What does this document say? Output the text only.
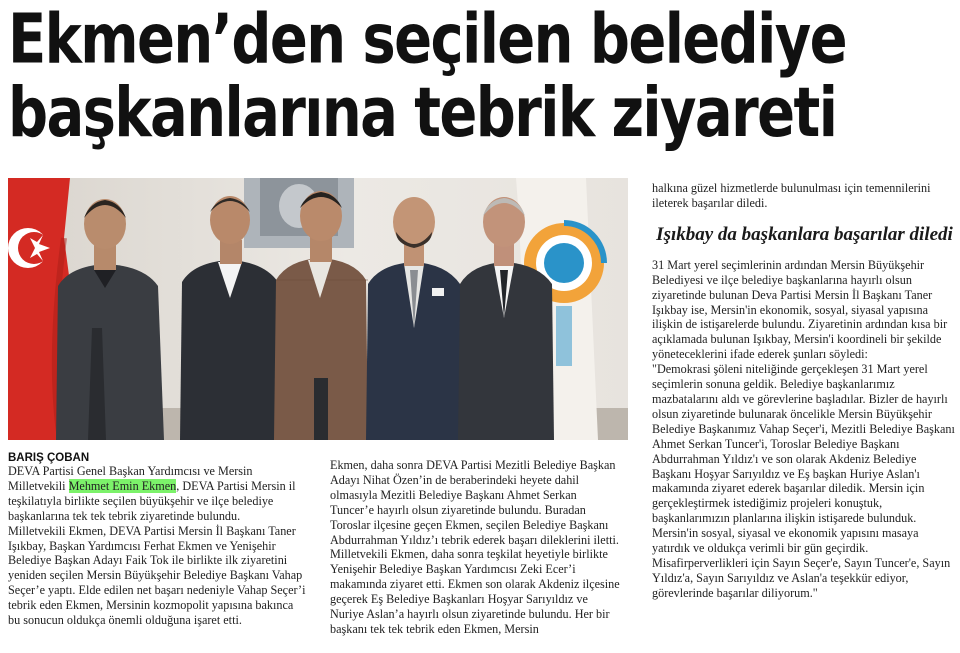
Ekmen’den seçilen belediye
başkanlarına tebrik ziyareti
BARIŞ ÇOBAN

DEVA Partisi Genel Başkan Yardımcısı ve Mersin Milletvekili Mehmet Emin Ekmen, DEVA Partisi Mersin il teşkilatıyla birlikte seçilen büyükşehir ve ilçe belediye başkanlarına tek tek tebrik ziyaretinde bulundu.

Milletvekili Ekmen, DEVA Partisi Mersin İl Başkanı Taner Işıkbay, Başkan Yardımcısı Ferhat Ekmen ve Yenişehir Belediye Başkan Adayı Faik Tok ile birlikte ilk ziyaretini yeniden seçilen Mersin Büyükşehir Belediye Başkanı Vahap Seçer’e yaptı. Elde edilen net başarı nedeniyle Vahap Seçer’i tebrik eden Ekmen, Mersinin kozmopolit yapısına bakınca bu sonucun oldukça önemli olduğuna işaret etti.

Ekmen, daha sonra DEVA Partisi Mezitli Belediye Başkan Adayı Nihat Özen’in de beraberindeki heyete dahil olmasıyla Mezitli Belediye Başkanı Ahmet Serkan Tuncer’e hayırlı olsun ziyaretinde bulundu. Buradan Toroslar ilçesine geçen Ekmen, seçilen Belediye Başkanı Abdurrahman Yıldız’ı tebrik ederek başarı dileklerini iletti.

Milletvekili Ekmen, daha sonra teşkilat heyetiyle birlikte Yenişehir Belediye Başkan Yardımcısı Zeki Ecer’i makamında ziyaret etti. Ekmen son olarak Akdeniz ilçesine geçerek Eş Belediye Başkanları Hoşyar Sarıyıldız ve Nuriye Aslan’a hayırlı olsun ziyaretinde bulundu. Her bir başkanı tek tek tebrik eden Ekmen, Mersin

halkına güzel hizmetlerde bulunulması için temennilerini ileterek başarılar diledi.

Işıkbay da başkanlara başarılar diledi

31 Mart yerel seçimlerinin ardından Mersin Büyükşehir Belediyesi ve ilçe belediye başkanlarına hayırlı olsun ziyaretinde bulunan Deva Partisi Mersin İl Başkanı Taner Işıkbay ise, Mersin'in ekonomik, sosyal, siyasal yapısına ilişkin de istişarelerde bulundu. Ziyaretinin ardından kısa bir açıklamada bulunan Işıkbay, Mersin'i koordineli bir şekilde yöneteceklerini ifade ederek şunları söyledi:

"Demokrasi şöleni niteliğinde gerçekleşen 31 Mart yerel seçimlerin sonuna geldik. Belediye başkanlarımız mazbatalarını aldı ve görevlerine başladılar. Bizler de hayırlı olsun ziyaretinde bulunarak öncelikle Mersin Büyükşehir Belediye Başkanımız Vahap Seçer'i, Mezitli Belediye Başkanı Ahmet Serkan Tuncer'i, Toroslar Belediye Başkanı Abdurrahman Yıldız'ı ve son olarak Akdeniz Belediye Başkanı Hoşyar Sarıyıldız ve Eş başkan Huriye Aslan'ı makamında ziyaret ederek başarılar diledik. Mersin için gerçekleştirmek istediğimiz projeleri konuştuk, başkanlarımızın planlarına ilişkin istişarede bulunduk. Mersin'in sosyal, siyasal ve ekonomik yapısını masaya yatırdık ve oldukça verimli bir gün geçirdik. Misafirperverlikleri için Sayın Seçer'e, Sayın Tuncer'e, Sayın Yıldız'a, Sayın Sarıyıldız ve Aslan'a teşekkür ediyor, görevlerinde başarılar diliyorum."
